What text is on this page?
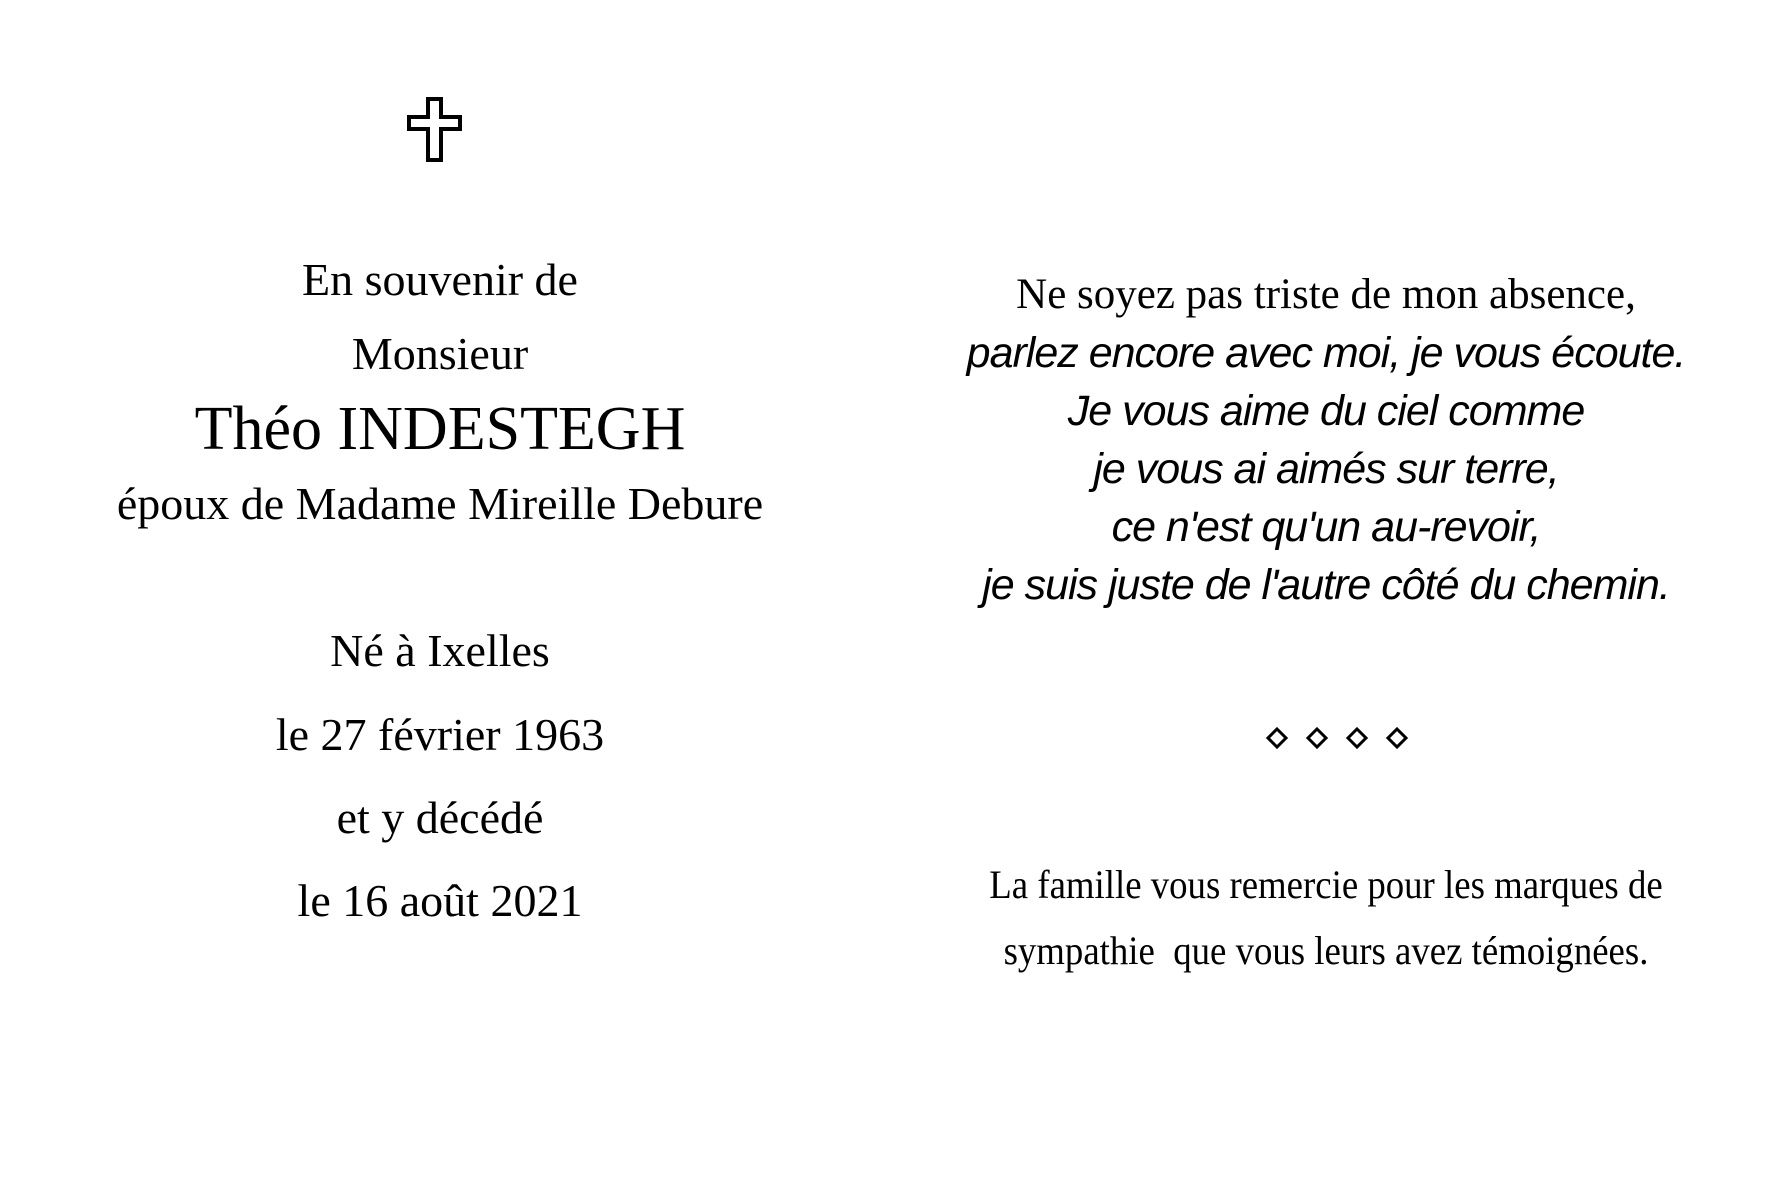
En souvenir de
Monsieur
Théo INDESTEGH
époux de Madame Mireille Debure
Né à Ixelles
le 27 février 1963
et y décédé
le 16 août 2021
Ne soyez pas triste de mon absence,
parlez encore avec moi, je vous écoute.
Je vous aime du ciel comme
je vous ai aimés sur terre,
ce n'est qu'un au-revoir,
je suis juste de l'autre côté du chemin.
La famille vous remercie pour les marques de
sympathie  que vous leurs avez témoignées.
